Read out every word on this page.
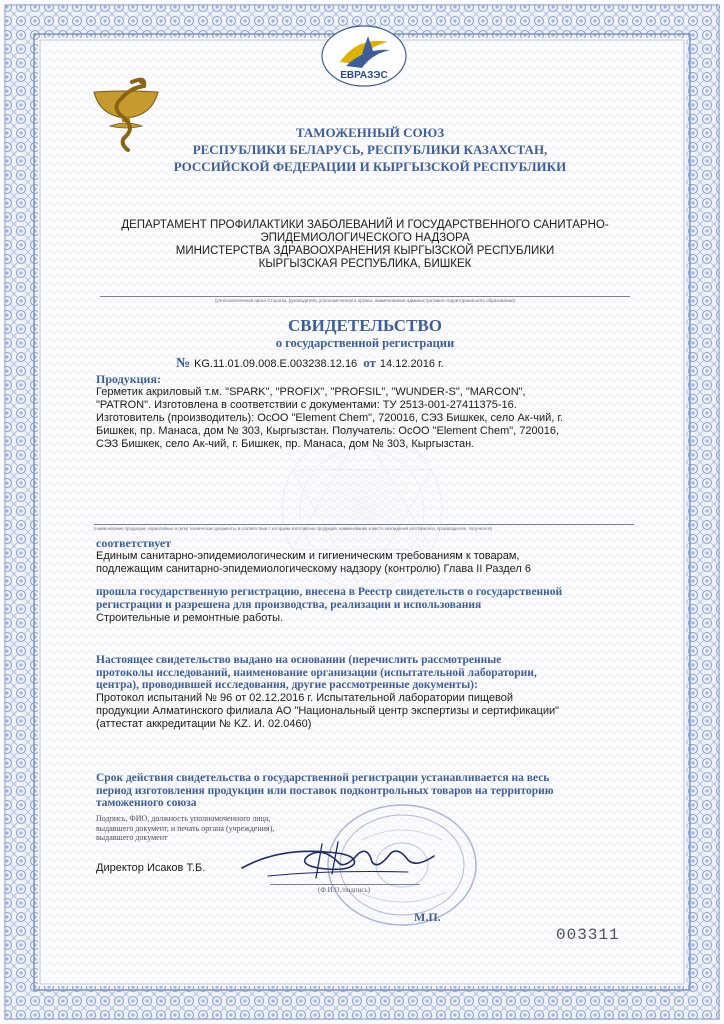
ЕВРАЗЭС
ТАМОЖЕННЫЙ СОЮЗ
РЕСПУБЛИКИ БЕЛАРУСЬ, РЕСПУБЛИКИ КАЗАХСТАН,
РОССИЙСКОЙ ФЕДЕРАЦИИ И КЫРГЫЗСКОЙ РЕСПУБЛИКИ
ДЕПАРТАМЕНТ ПРОФИЛАКТИКИ ЗАБОЛЕВАНИЙ И ГОСУДАРСТВЕННОГО САНИТАРНО-
ЭПИДЕМИОЛОГИЧЕСКОГО НАДЗОРА
МИНИСТЕРСТВА ЗДРАВООХРАНЕНИЯ КЫРГЫЗСКОЙ РЕСПУБЛИКИ
КЫРГЫЗСКАЯ РЕСПУБЛИКА, БИШКЕК
(уполномоченный орган Стороны, руководитель уполномоченного органа, наименование административно-территориального образования)
СВИДЕТЕЛЬСТВО
о государственной регистрации
№ KG.11.01.09.008.E.003238.12.16 от 14.12.2016 г.
Продукция:
Герметик акриловый т.м. "SPARK", "PROFIX", "PROFSIL", "WUNDER-S", "MARCON",
"PATRON". Изготовлена в соответствии с документами: ТУ 2513-001-27411375-16.
Изготовитель (производитель): ОсОО "Element Chem", 720016, СЭЗ Бишкек, село Ак-чий, г.
Бишкек, пр. Манаса, дом № 303, Кыргызстан. Получатель: ОсОО "Element Chem", 720016,
СЭЗ Бишкек, село Ак-чий, г. Бишкек, пр. Манаса, дом № 303, Кыргызстан.
(наименование продукции, нормативные и (или) технические документы, в соответствии с которыми изготовлена продукция, наименование и место нахождения изготовителя, производителя, получателя)
соответствует
Единым санитарно-эпидемиологическим и гигиеническим требованиям к товарам,
подлежащим санитарно-эпидемиологическому надзору (контролю) Глава II Раздел 6
прошла государственную регистрацию, внесена в Реестр свидетельств о государственной
регистрации и разрешена для производства, реализации и использования
Строительные и ремонтные работы.
Настоящее свидетельство выдано на основании (перечислить рассмотренные
протоколы исследований, наименование организации (испытательной лаборатории,
центра), проводившей исследования, другие рассмотренные документы):
Протокол испытаний № 96 от 02.12.2016 г. Испытательной лаборатории пищевой
продукции Алматинского филиала АО "Национальный центр экспертизы и сертификации"
(аттестат аккредитации № KZ. И. 02.0460)
Срок действия свидетельства о государственной регистрации устанавливается на весь
период изготовления продукции или поставок подконтрольных товаров на территорию
таможенного союза
Подпись, ФИО, должность уполномоченного лица,
выдавшего документ, и печать органа (учреждения),
выдавшего документ
Директор Исаков Т.Б.
(Ф.И.О./подпись)
М.П.
003311
